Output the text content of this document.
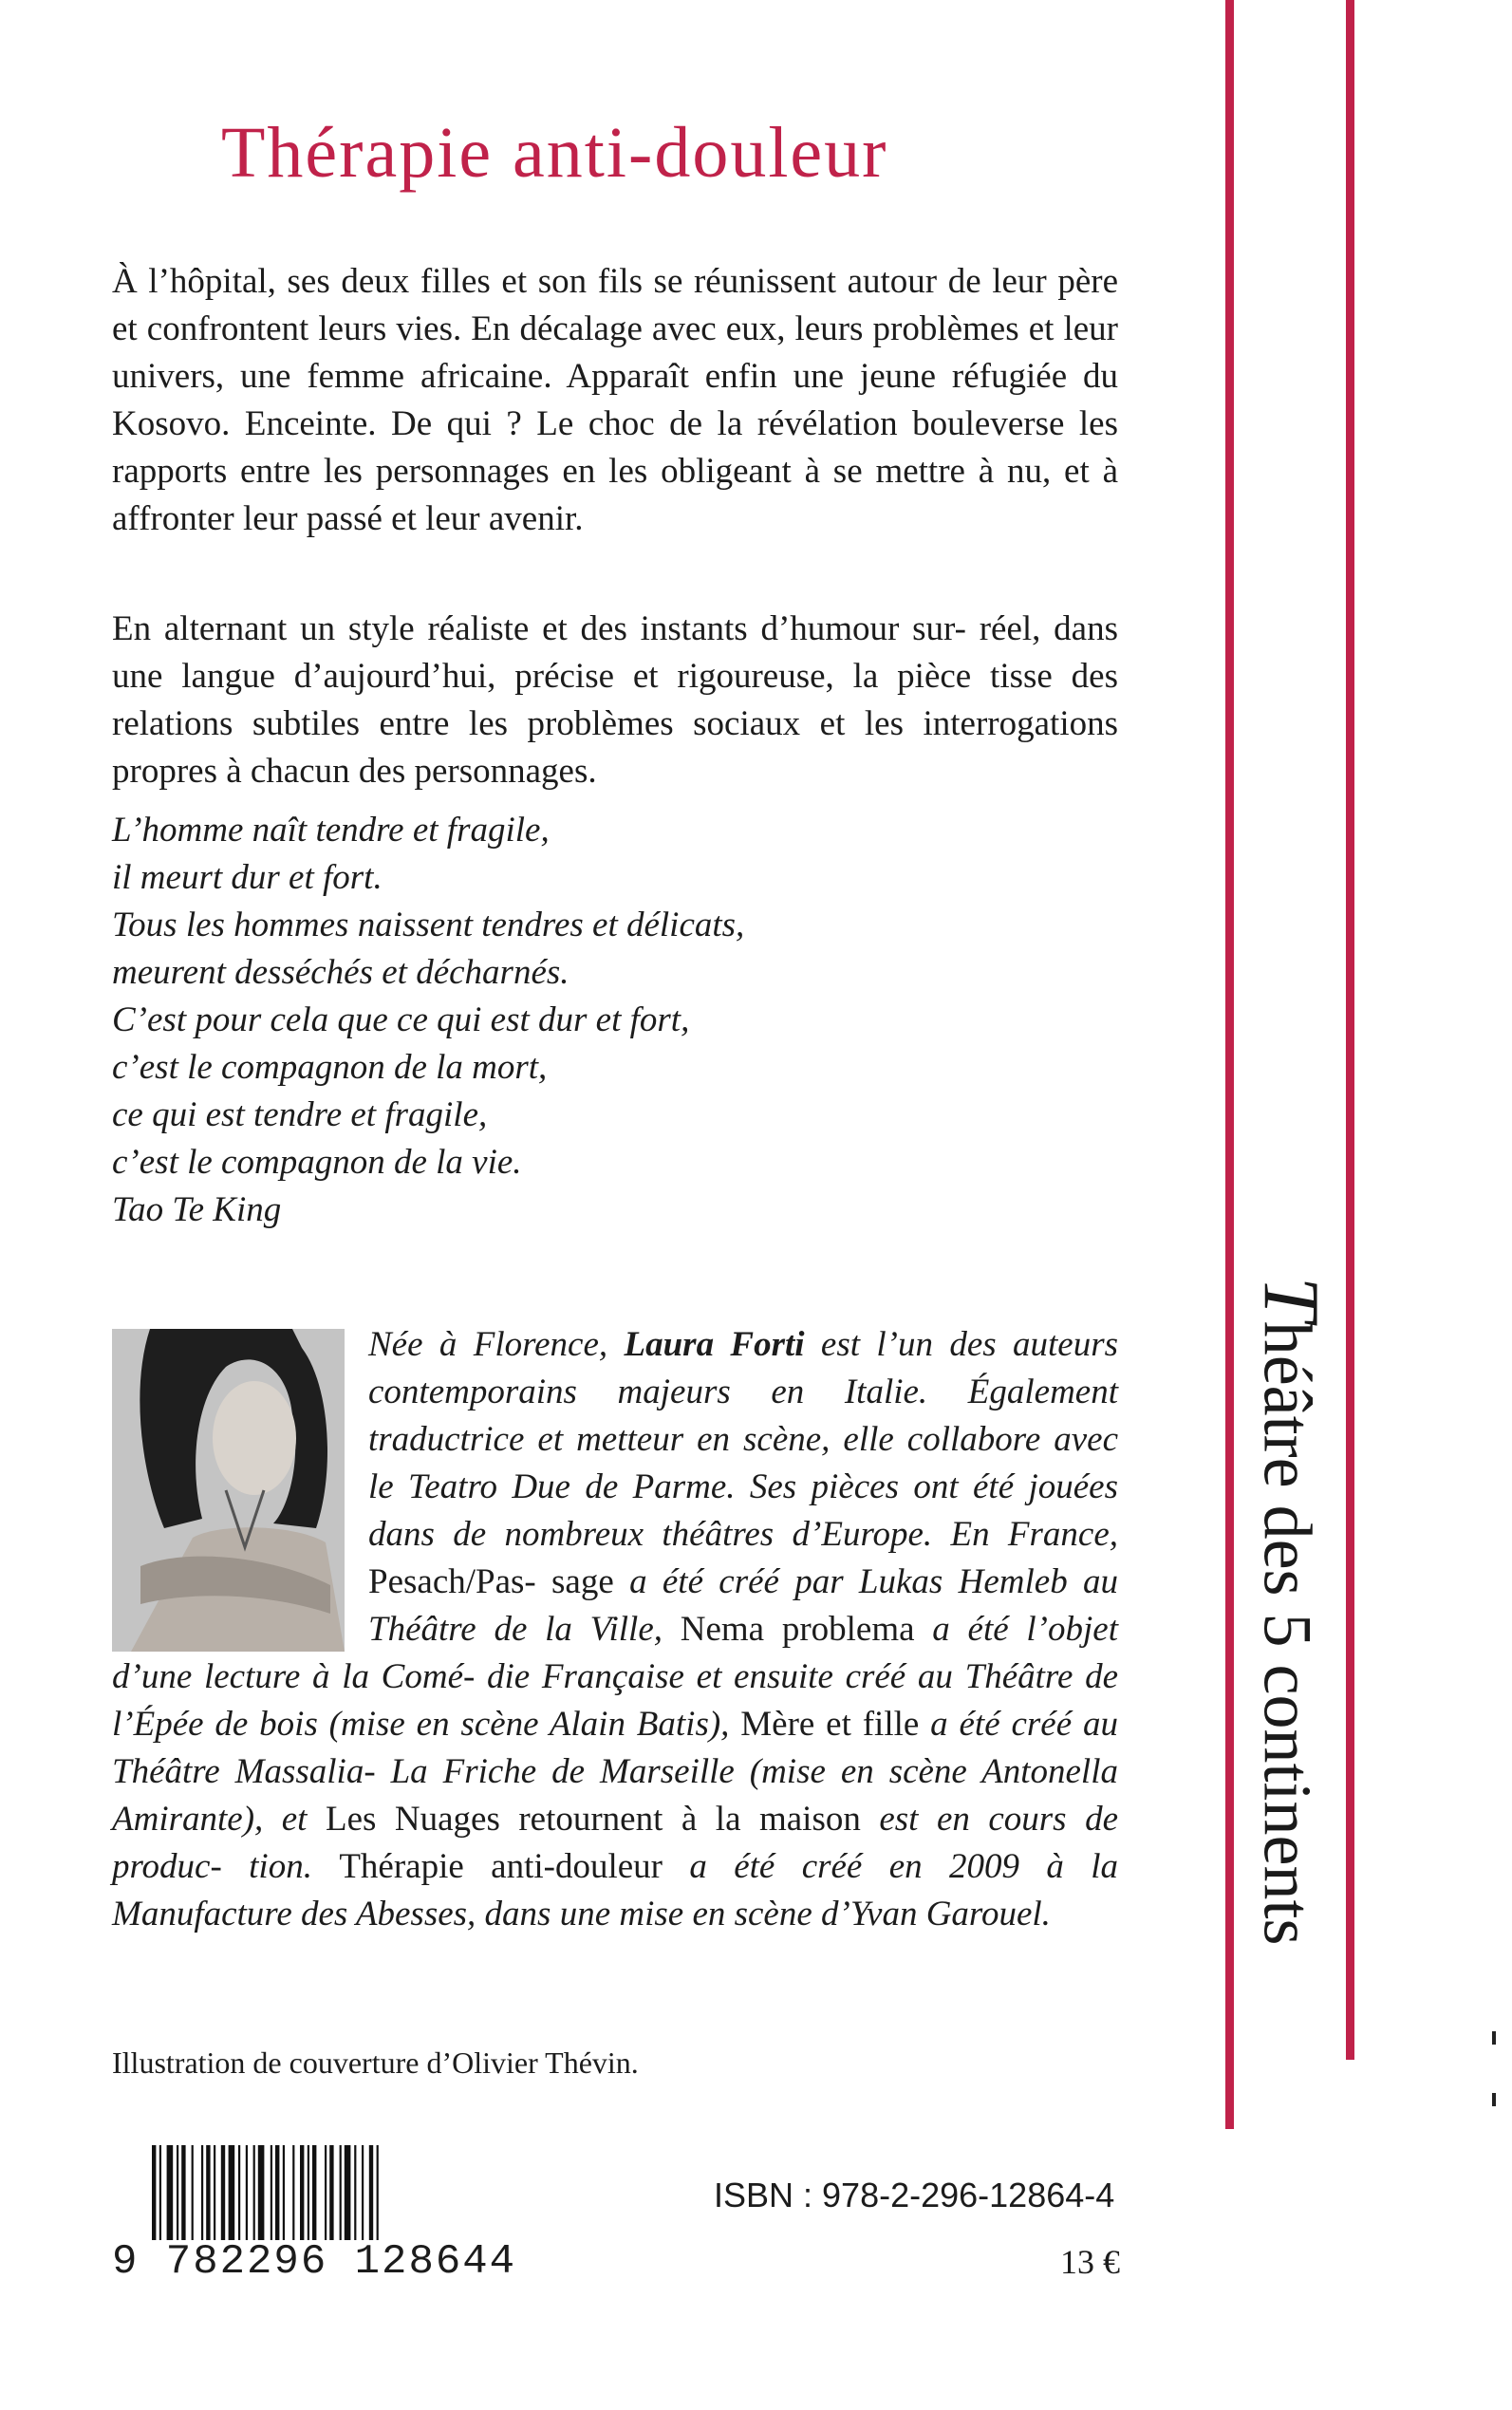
Thérapie anti-douleur

À l’hôpital, ses deux filles et son fils se réunissent autour de leur père et confrontent leurs vies. En décalage avec eux, leurs problèmes et leur univers, une femme africaine. Apparaît enfin une jeune réfugiée du Kosovo. Enceinte. De qui ? Le choc de la révélation bouleverse les rapports entre les personnages en les obligeant à se mettre à nu, et à affronter leur passé et leur avenir.

En alternant un style réaliste et des instants d’humour sur- réel, dans une langue d’aujourd’hui, précise et rigoureuse, la pièce tisse des relations subtiles entre les problèmes sociaux et les interrogations propres à chacun des personnages.

L’homme naît tendre et fragile,
il meurt dur et fort.
Tous les hommes naissent tendres et délicats,
meurent desséchés et décharnés.
C’est pour cela que ce qui est dur et fort,
c’est le compagnon de la mort,
ce qui est tendre et fragile,
c’est le compagnon de la vie.
Tao Te King

Née à Florence, Laura Forti est l’un des auteurs contemporains majeurs en Italie. Également traductrice et metteur en scène, elle collabore avec le Teatro Due de Parme. Ses pièces ont été jouées dans de nombreux théâtres d’Europe. En France, Pesach/Pas- sage a été créé par Lukas Hemleb au Théâtre de la Ville, Nema problema a été l’objet d’une lecture à la Comé- die Française et ensuite créé au Théâtre de l’Épée de bois (mise en scène Alain Batis), Mère et fille a été créé au Théâtre Massalia- La Friche de Marseille (mise en scène Antonella Amirante), et Les Nuages retournent à la maison est en cours de produc- tion. Thérapie anti-douleur a été créé en 2009 à la Manufacture des Abesses, dans une mise en scène d’Yvan Garouel.

Illustration de couverture d’Olivier Thévin.

9 782296 128644

ISBN : 978-2-296-12864-4

13 €

Théâtre des 5 continents
